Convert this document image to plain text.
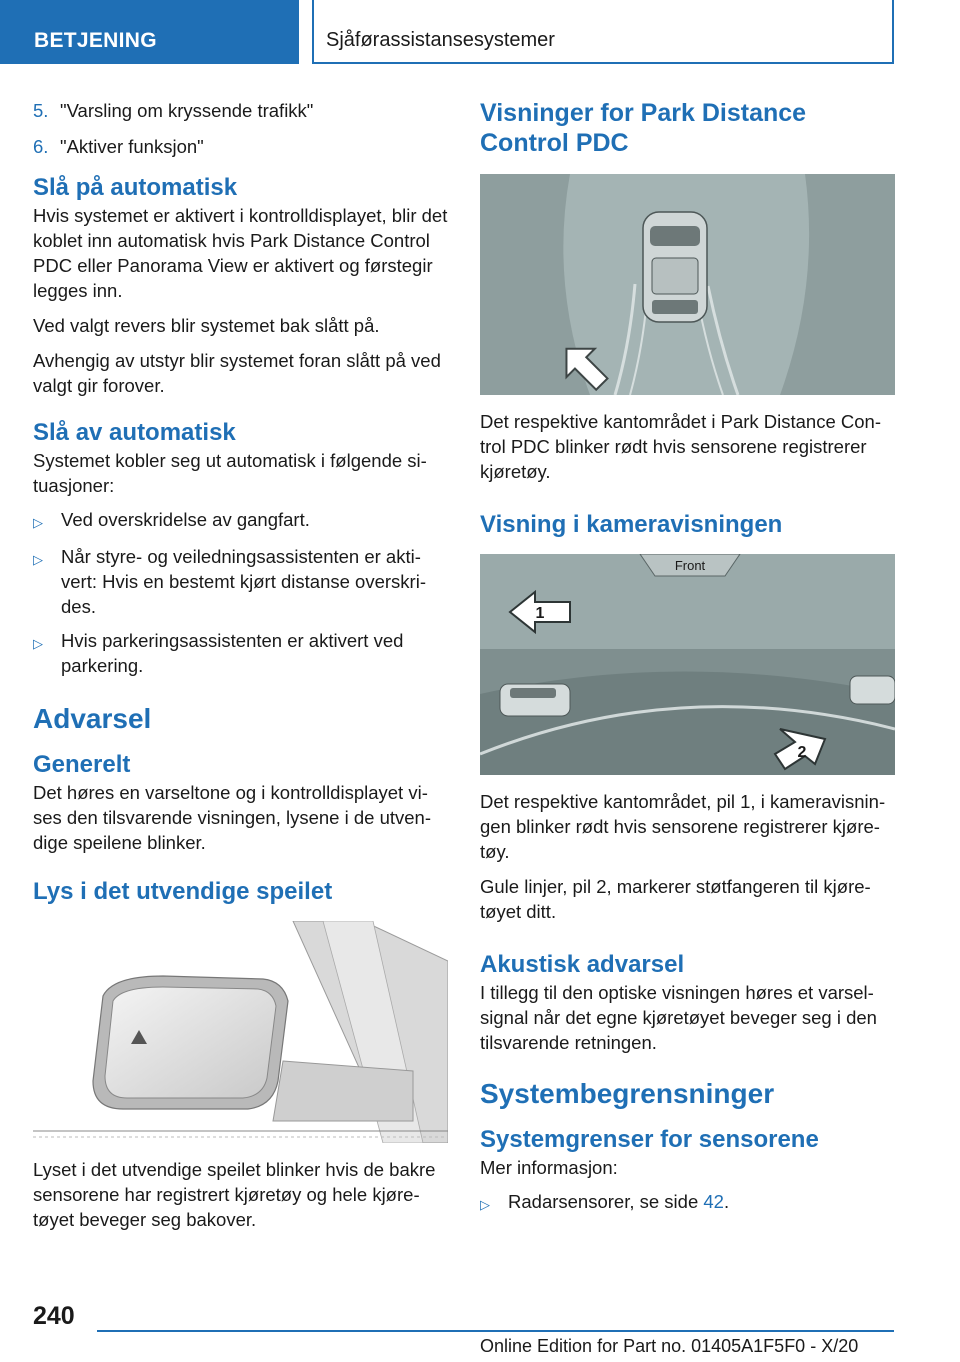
BETJENING	Sjåførassistansesystemer
5. "Varsling om kryssende trafikk"
6. "Aktiver funksjon"
Slå på automatisk

Hvis systemet er aktivert i kontrolldisplayet, blir det koblet inn automatisk hvis Park Distance Control PDC eller Panorama View er aktivert og førstegir legges inn.

Ved valgt revers blir systemet bak slått på.

Avhengig av utstyr blir systemet foran slått på ved valgt gir forover.

Slå av automatisk

Systemet kobler seg ut automatisk i følgende situasjoner:

▷ Ved overskridelse av gangfart.
▷ Når styre- og veiledningsassistenten er aktivert: Hvis en bestemt kjørt distanse overskrides.
▷ Hvis parkeringsassistenten er aktivert ved parkering.
Advarsel
Generelt

Det høres en varseltone og i kontrolldisplayet vises den tilsvarende visningen, lysene i de utvendige speilene blinker.

Lys i det utvendige speilet

Lyset i det utvendige speilet blinker hvis de bakre sensorene har registrert kjøretøy og hele kjøretøyet beveger seg bakover.

Visninger for Park Distance Control PDC

Det respektive kantområdet i Park Distance Control PDC blinker rødt hvis sensorene registrerer kjøretøy.

Visning i kameravisningen
Front
1
2

Det respektive kantområdet, pil 1, i kameravisningen blinker rødt hvis sensorene registrerer kjøretøy.

Gule linjer, pil 2, markerer støtfangeren til kjøretøyet ditt.

Akustisk advarsel

I tillegg til den optiske visningen høres et varselsignal når det egne kjøretøyet beveger seg i den tilsvarende retningen.

Systembegrensninger
Systemgrenser for sensorene

Mer informasjon:

▷ Radarsensorer, se side 42.
240
Online Edition for Part no. 01405A1F5F0 - X/20
